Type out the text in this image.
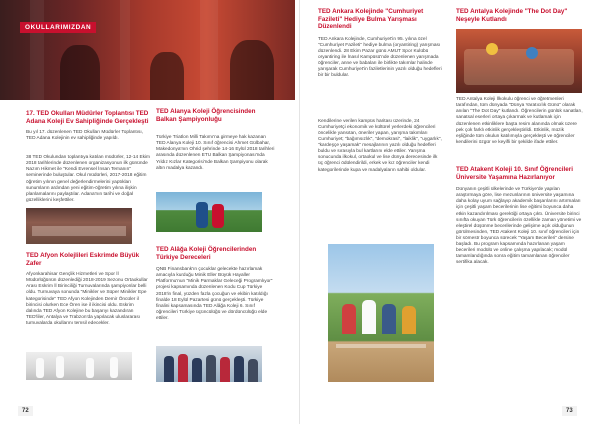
OKULLARIMIZDAN
17. TED Okulları Müdürler Toplantısı TED Adana Koleji Ev Sahipliğinde Gerçekleşti
Bu yıl 17. düzenlenen TED Okulları Müdürler Toplantısı, TED Adana Kolejinin ev sahipliğinde yapıldı.
38 TED Okulundan toplantıya katılan müdürler, 12-14 Ekim 2018 tarihlerinde düzenlenen organizasyonun ilk gününde Nazım Hikmet ile "Kendi Evrensel İnsan Temanın" seminerinde buluştular. Okul müdürleri, 2017-2018 eğitim öğretim yılının genel değerlendirmelerini yaptıkları sunumların ardından yeni eğitim-öğretim yılına ilişkin planlamalarını paylaştılar. Adana'nın tarihi ve doğal güzelliklerini keşfettiler.
TED Afyon Kolejlileri Eskrimde Büyük Zafer
Afyonkarahisar Gençlik Hizmetleri ve Spor İl Müdürlüğünün düzenlediği 2018-2019 Sezonu Ortaokullar Arası Eskrim İl Birinciliği Turnuvalarında şampiyonlar belli oldu. Turnuvaya sonunda "Minikler ve Süper Minikler Epe kategorisinde" TED Afyon Kolejinden Demir Öncüler il birincisi olurken Ece Ören ise il ikincisi oldu. Eskrim dalında TED Afyon Kolejine bu başarıyı kazandıran TED'liler, Antalya ve Trabzon'da yapılacak uluslararası turnuvalarda okullarını temsil edecekler.
TED Alanya Koleji Öğrencisinden Balkan Şampiyonluğu
Türkiye Triatlon Milli Takımı'na girmeye hak kazanan TED Alanya Koleji 10. Sınıf öğrencisi Ahmet Gülbahar, Makedonya'nın Ohrid şehrinde 14-16 Eylül 2018 tarihleri arasında düzenlenen ETU Balkan Şampiyonası'nda Yıldız Kızlar Kategorisi'nde Balkan Şampiyonu olarak altın madalya kazandı.
TED Alâğa Koleji Öğrencilerinden Türkiye Dereceleri
QNB Finansbank'ın çocuklar gelecekte hazırlamak amacıyla kurduğu Minik Eller Büyük Hayaller Platformu'nun "Minik Parmaklar Geleceği Programlıyor" projesi kapsamında düzenlenen Kodu Cup Türkiye 2018'in final, yüzden fazla çocuğun ve ekibin katıldığı finalde 18 Eylül Pazartesi günü gerçekleşti. Türkiye finalini kapsamasında TED Alâğa Koleji 6. Sınıf öğrencileri Türkiye üçüncülüğü ve dördüncülüğü elde ettiler.
72
TED Ankara Kolejinde "Cumhuriyet Fazileti" Hediye Bulma Yarışması Düzenlendi
TED Ankara Kolejinde, Cumhuriyet'in 95. yılına özel "Cumhuriyet Fazileti" hediye bulma (oryantiring) yarışması düzenlendi. 28 Ekim Pazar günü AMUT Spor Kulübü oryantiring ile İnasıl Kampüsü'nde düzenlenen yarışmada öğrenciler, anne ve babaları ile birlikte takımlar halinde yarışarak Cumhuriyet'in faziletlerinin yazılı olduğu hedefleri bir bir buldular.
Kendilerine verilen kampüs haritası üzerinde, 24 Cumhuriyetçi ekonomik ve kültürel yerlerdeki öğrencileri öncelikle yansıtan, öneriler yapan, yarışma takımları Cumhuriyet; "bağımsızlık", "demokrasi", "laiklik", "uygarlık", "kardeşçe yaşamak" mesajlarının yazılı olduğu hedefleri buldu ve sırasıyla bul kartlarını elde ettiler. Yarışma sonucunda ilkokul, ortaokul ve lise dünya derecesinde ilk üç öğrenci ödülendirildi, erkek ve kız öğrenciler kendi kategorilerinde kupa ve madalyaların sahibi oldular.
TED Antalya Kolejinde "The Dot Day" Neşeyle Kutlandı
TED Antalya Koleji İlkokulu öğrenci ve öğretmenleri tarafından, tüm dünyada "Dünya Yaratıcılık Günü" olarak anılan "The Dot Day" kutlandı. Öğrencilerin günlük sanatları, sanatsal eserleri ortaya çıkarmak ve kutlamak için düzenlenen etkinliklere başta resim alanında olmak üzere pek çok farklı etkinlik gerçekleştirildi. Etkinlik, müzik eşliğinde tüm okulun katılımıyla gerçekleşti ve öğrenciler kendilerini özgür ve keyifli bir şekilde ifade ettiler.
TED Atakent Koleji 10. Sınıf Öğrencileri Üniversite Yaşamına Hazırlanıyor
Dünyanın çeşitli ülkelerinde ve Türkiye'de yapılan araştırmaya göre, lise mezunlarının üniversite yaşamına daha kolay uyum sağlayıp akademik başarılarını artırmaları için çeşitli yaşam becerilerinin lise eğitimi boyunca daha etkin kazandırılması gerektiği ortaya çıktı. Üniversite birinci sınıfta okuyan Türk öğrencilerin özellikle zaman yönetimi ve eleştirel düşünme becerilerinde gelişime açık olduğunun görülmesinden, TED Atakent Koleji 10. sınıf öğrencileri için bir sömestr boyunca sürecek "Yaşam Becerileri" dersine başladı. Bu program kapsamında hazırlanan yaşam becerileri modülü ve online çalışma yapılacak; modül tamamlandığında sonra eğitim tamamlanan öğrenciler sertifika alacak.
73
